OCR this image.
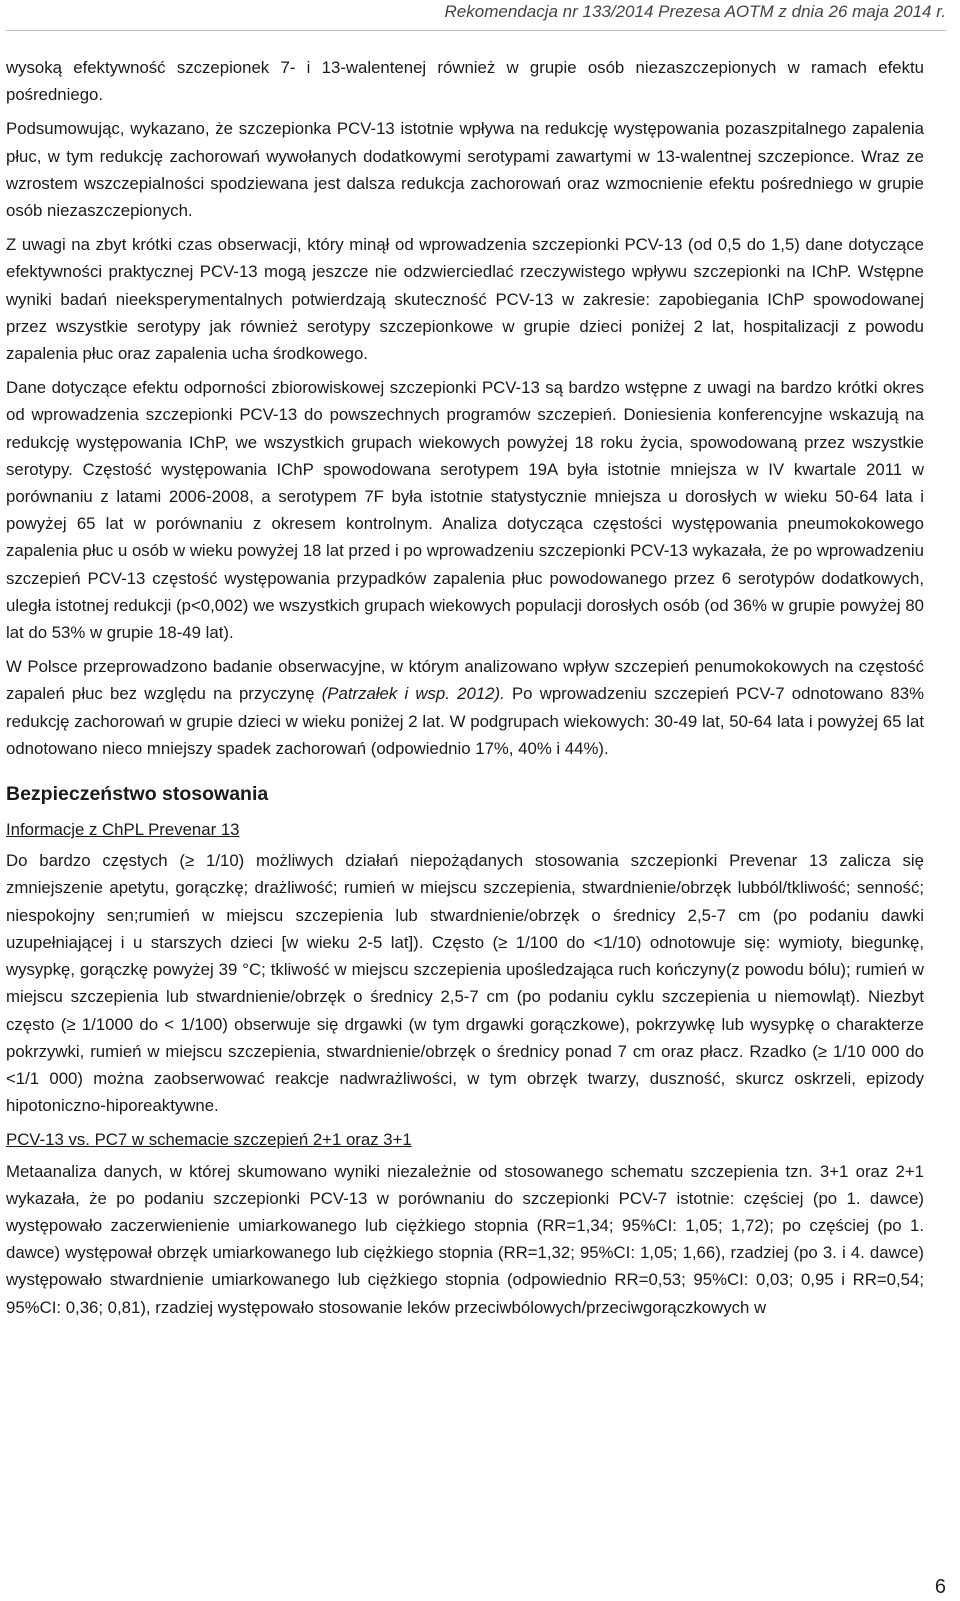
Rekomendacja nr 133/2014 Prezesa AOTM z dnia 26 maja 2014 r.

wysoką efektywność szczepionek 7- i 13-walentenej również w grupie osób niezaszczepionych w ramach efektu pośredniego.

Podsumowując, wykazano, że szczepionka PCV-13 istotnie wpływa na redukcję występowania pozaszpitalnego zapalenia płuc, w tym redukcję zachorowań wywołanych dodatkowymi serotypami zawartymi w 13-walentnej szczepionce. Wraz ze wzrostem wszczepialności spodziewana jest dalsza redukcja zachorowań oraz wzmocnienie efektu pośredniego w grupie osób niezaszczepionych.

Z uwagi na zbyt krótki czas obserwacji, który minął od wprowadzenia szczepionki PCV-13 (od 0,5 do 1,5) dane dotyczące efektywności praktycznej PCV-13 mogą jeszcze nie odzwierciedlać rzeczywistego wpływu szczepionki na IChP. Wstępne wyniki badań nieeksperymentalnych potwierdzają skuteczność PCV-13 w zakresie: zapobiegania IChP spowodowanej przez wszystkie serotypy jak również serotypy szczepionkowe w grupie dzieci poniżej 2 lat, hospitalizacji z powodu zapalenia płuc oraz zapalenia ucha środkowego.

Dane dotyczące efektu odporności zbiorowiskowej szczepionki PCV-13 są bardzo wstępne z uwagi na bardzo krótki okres od wprowadzenia szczepionki PCV-13 do powszechnych programów szczepień. Doniesienia konferencyjne wskazują na redukcję występowania IChP, we wszystkich grupach wiekowych powyżej 18 roku życia, spowodowaną przez wszystkie serotypy. Częstość występowania IChP spowodowana serotypem 19A była istotnie mniejsza w IV kwartale 2011 w porównaniu z latami 2006-2008, a serotypem 7F była istotnie statystycznie mniejsza u dorosłych w wieku 50-64 lata i powyżej 65 lat w porównaniu z okresem kontrolnym. Analiza dotycząca częstości występowania pneumokokowego zapalenia płuc u osób w wieku powyżej 18 lat przed i po wprowadzeniu szczepionki PCV-13 wykazała, że po wprowadzeniu szczepień PCV-13 częstość występowania przypadków zapalenia płuc powodowanego przez 6 serotypów dodatkowych, uległa istotnej redukcji (p<0,002) we wszystkich grupach wiekowych populacji dorosłych osób (od 36% w grupie powyżej 80 lat do 53% w grupie 18-49 lat).

W Polsce przeprowadzono badanie obserwacyjne, w którym analizowano wpływ szczepień penumokokowych na częstość zapaleń płuc bez względu na przyczynę (Patrzałek i wsp. 2012). Po wprowadzeniu szczepień PCV-7 odnotowano 83% redukcję zachorowań w grupie dzieci w wieku poniżej 2 lat. W podgrupach wiekowych: 30-49 lat, 50-64 lata i powyżej 65 lat odnotowano nieco mniejszy spadek zachorowań (odpowiednio 17%, 40% i 44%).

Bezpieczeństwo stosowania
Informacje z ChPL Prevenar 13

Do bardzo częstych (≥ 1/10) możliwych działań niepożądanych stosowania szczepionki Prevenar 13 zalicza się zmniejszenie apetytu, gorączkę; drażliwość; rumień w miejscu szczepienia, stwardnienie/obrzęk lubból/tkliwość; senność; niespokojny sen;rumień w miejscu szczepienia lub stwardnienie/obrzęk o średnicy 2,5-7 cm (po podaniu dawki uzupełniającej i u starszych dzieci [w wieku 2-5 lat]). Często (≥ 1/100 do <1/10) odnotowuje się: wymioty, biegunkę, wysypkę, gorączkę powyżej 39 °C; tkliwość w miejscu szczepienia upośledzająca ruch kończyny(z powodu bólu); rumień w miejscu szczepienia lub stwardnienie/obrzęk o średnicy 2,5-7 cm (po podaniu cyklu szczepienia u niemowląt). Niezbyt często (≥ 1/1000 do < 1/100) obserwuje się drgawki (w tym drgawki gorączkowe), pokrzywkę lub wysypkę o charakterze pokrzywki, rumień w miejscu szczepienia, stwardnienie/obrzęk o średnicy ponad 7 cm oraz płacz. Rzadko (≥ 1/10 000 do <1/1 000) można zaobserwować reakcje nadwrażliwości, w tym obrzęk twarzy, duszność, skurcz oskrzeli, epizody hipotoniczno-hiporeaktywne.

PCV-13 vs. PC7 w schemacie szczepień 2+1 oraz 3+1

Metaanaliza danych, w której skumowano wyniki niezależnie od stosowanego schematu szczepienia tzn. 3+1 oraz 2+1 wykazała, że po podaniu szczepionki PCV-13 w porównaniu do szczepionki PCV-7 istotnie: częściej (po 1. dawce) występowało zaczerwienienie umiarkowanego lub ciężkiego stopnia (RR=1,34; 95%CI: 1,05; 1,72); po częściej (po 1. dawce) występował obrzęk umiarkowanego lub ciężkiego stopnia (RR=1,32; 95%CI: 1,05; 1,66), rzadziej (po 3. i 4. dawce) występowało stwardnienie umiarkowanego lub ciężkiego stopnia (odpowiednio RR=0,53; 95%CI: 0,03; 0,95 i RR=0,54; 95%CI: 0,36; 0,81), rzadziej występowało stosowanie leków przeciwbólowych/przeciwgorączkowych w

6
